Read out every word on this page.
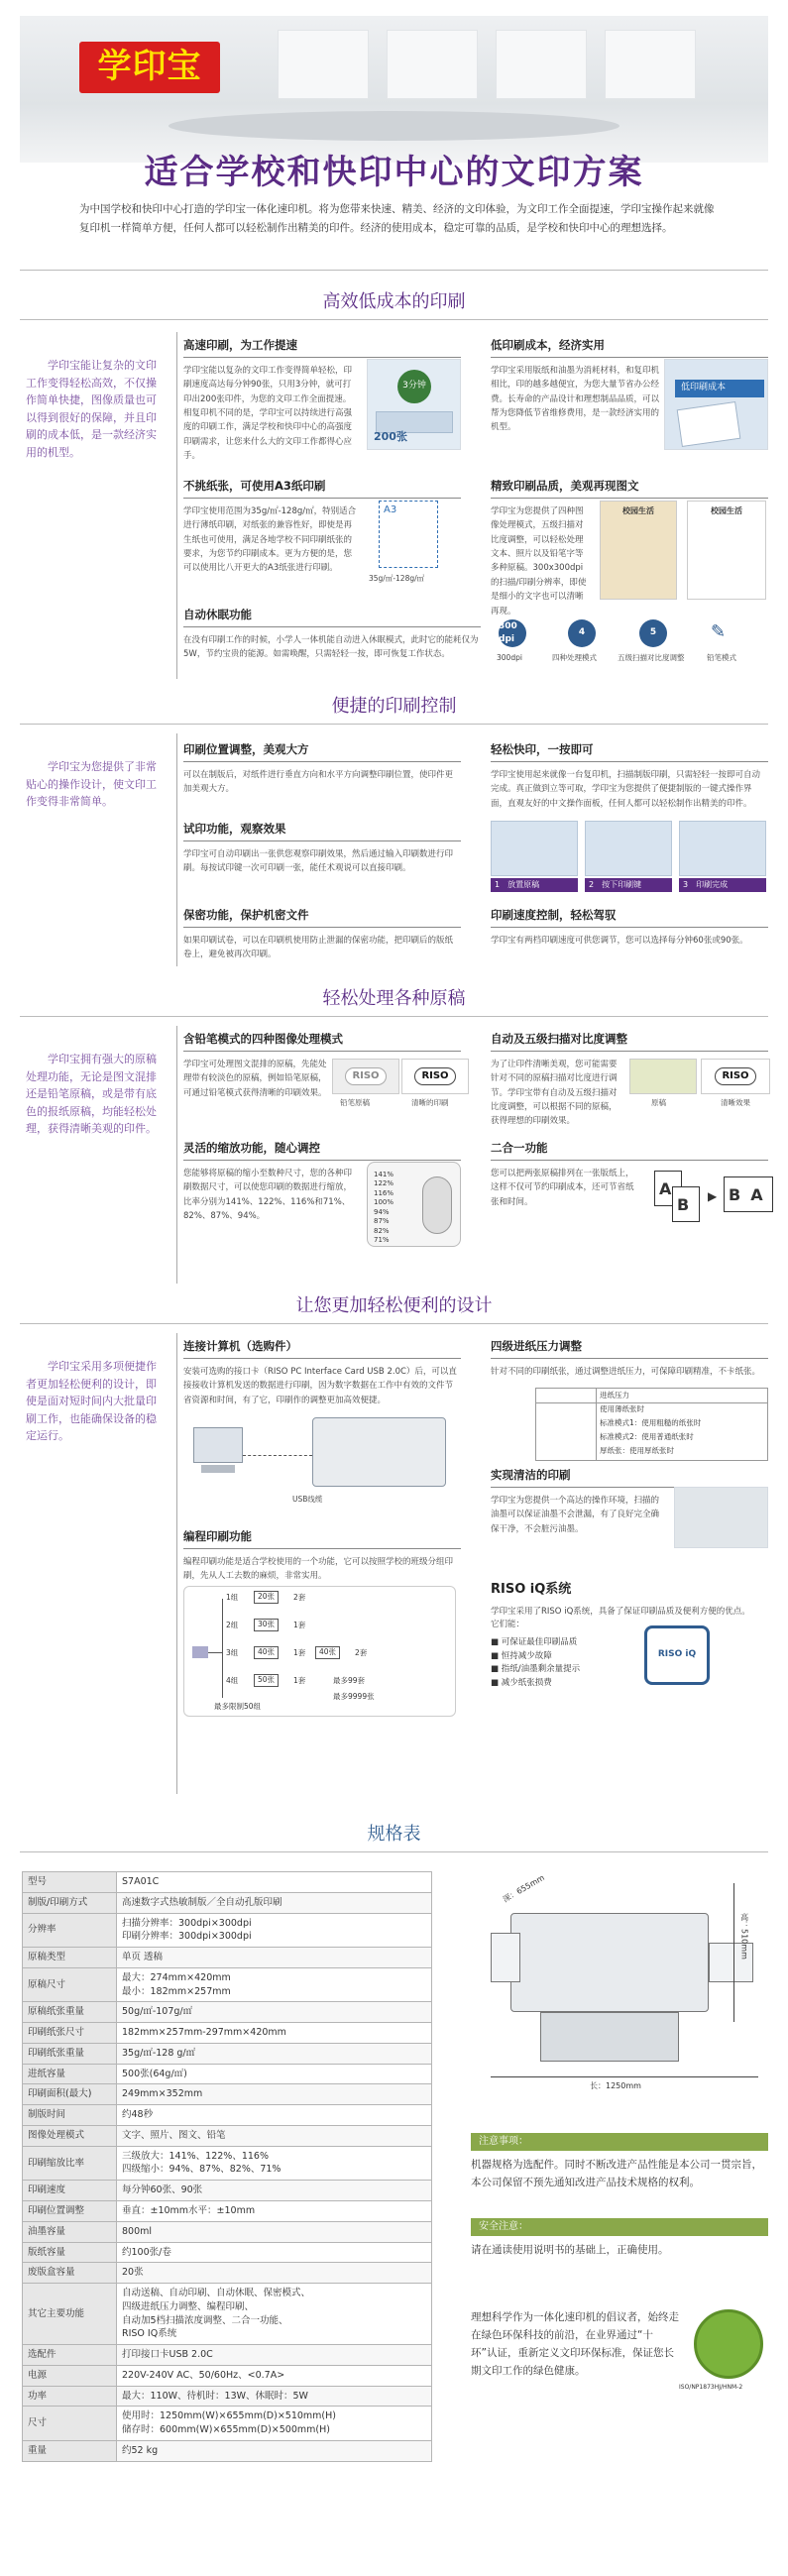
学印宝
适合学校和快印中心的文印方案
为中国学校和快印中心打造的学印宝一体化速印机。将为您带来快速、精美、经济的文印体验，为文印工作全面提速，学印宝操作起来就像复印机一样简单方便，任何人都可以轻松制作出精美的印件。经济的使用成本，稳定可靠的品质，是学校和快印中心的理想选择。
高效低成本的印刷
学印宝能让复杂的文印工作变得轻松高效，不仅操作简单快捷，图像质量也可以得到很好的保障，并且印刷的成本低，是一款经济实用的机型。
高速印刷，为工作提速

学印宝能以复杂的文印工作变得简单轻松，印刷速度高达每分钟90张，只用3分钟，就可打印出200张印件，为您的文印工作全面提速。相复印机不同的是，学印宝可以持续进行高强度的印刷工作，满足学校和快印中心的高强度印刷需求，让您来什么大的文印工作都得心应手。

3分钟
200张
低印刷成本，经济实用

学印宝采用版纸和油墨为消耗材料，和复印机相比，印的越多越便宜，为您大量节省办公经费。长寿命的产品设计和理想制品品质，可以帮为您降低节省维修费用，是一款经济实用的机型。

低印刷成本
不挑纸张，可使用A3纸印刷

学印宝使用范围为35g/㎡-128g/㎡，特别适合进行薄纸印刷，对纸张的兼容性好，即使是再生纸也可使用，满足各地学校不同印刷纸张的要求，为您节约印刷成本。更为方便的是，您可以使用比八开更大的A3纸张进行印刷。

A3
35g/㎡-128g/㎡
精致印刷品质，美观再现图文

学印宝为您提供了四种图像处理模式，五级扫描对比度调整，可以轻松处理文本、照片以及铅笔字等多种原稿。300x300dpi的扫描/印刷分辨率，即使是细小的文字也可以清晰再现。

校园生活	校园生活
自动休眠功能

在没有印刷工作的时候，小学人一体机能自动进入休眠模式，此时它的能耗仅为5W，节约宝贵的能源。如需唤醒，只需轻轻一按，即可恢复工作状态。

300 dpi
4	5	✎
300dpi	四种处理模式	五级扫描对比度调整	铅笔模式
便捷的印刷控制
学印宝为您提供了非常贴心的操作设计，使文印工作变得非常简单。
印刷位置调整，美观大方

可以在制版后，对纸件进行垂直方向和水平方向调整印刷位置，使印件更加美观大方。

轻松快印，一按即可

学印宝使用起来就像一台复印机，扫描制版印刷，只需轻轻一按即可自动完成。真正做到立等可取，学印宝为您提供了便捷制版的一键式操作界面，直观友好的中文操作面板，任何人都可以轻松制作出精美的印件。

试印功能，观察效果

学印宝可自动印刷出一张供您观察印刷效果，然后通过输入印刷数进行印刷。每按试印键一次可印刷一张，能任术观说可以直接印刷。

1　 放置原稿	2　 按下印刷键	3　 印刷完成
保密功能，保护机密文件

如果印刷试卷，可以在印刷机使用防止泄漏的保密功能，把印刷后的版纸卷上，避免被再次印刷。

印刷速度控制，轻松驾驭

学印宝有两档印刷速度可供您调节，您可以选择每分钟60张或90张。

轻松处理各种原稿
学印宝拥有强大的原稿处理功能，无论是图文混排还是铅笔原稿，或是带有底色的报纸原稿，均能轻松处理，获得清晰美观的印件。
含铅笔模式的四种图像处理模式

学印宝可处理图文混排的原稿，先能处理带有较淡色的原稿，例如铅笔原稿，可通过铅笔模式获得清晰的印刷效果。

RISO	RISO
铅笔原稿	清晰的印刷
自动及五级扫描对比度调整

为了让印件清晰美观，您可能需要针对不同的原稿扫描对比度进行调节。学印宝带有自动及五级扫描对比度调整，可以根据不同的原稿，获得理想的印刷效果。

RISO
原稿	清晰效果
灵活的缩放功能，随心调控

您能够将原稿的缩小至数种尺寸，您的各种印刷数据尺寸，可以使您印刷的数据进行缩放，比率分别为141%、122%、116%和71%、82%、87%、94%。

141%
122%
116%
100%
94%
87%
82%
71%
二合一功能

您可以把两张原稿排列在一张版纸上，这样不仅可节约印刷成本，还可节省纸张和时间。

A
B	▶ BA
让您更加轻松便利的设计
学印宝采用多项便捷作者更加轻松便利的设计，即使是面对短时间内大批量印刷工作，也能确保设备的稳定运行。
连接计算机（选购件）

安装可选购的接口卡（RISO PC Interface Card USB 2.0C）后，可以直接接收计算机发送的数据进行印刷，因为数字数据在工作中有效的文件节省资源和时间，有了它，印刷作的调整更加高效便捷。

USB线缆
四级进纸压力调整

针对不同的印刷纸张，通过调整进纸压力，可保障印刷精准，不卡纸张。

进纸压力
使用薄纸张时
标准模式1：使用粗糙的纸张时
标准模式2：使用普通纸张时
厚纸张：使用厚纸张时
实现清洁的印刷

学印宝为您提供一个高达的操作环境，扫描的油墨可以保证油墨不会泄漏，有了良好完全确保干净，不会脏污油墨。

编程印刷功能

编程印刷功能是适合学校使用的一个功能，它可以按照学校的班级分组印刷，先从人工去数的麻烦，非常实用。

1组	20张	2套
2组	30张	1套
3组	40张	1套	40张	2套
4组	50张	1套	最多99套
最多9999张
最多限制50组
RISO iQ系统

学印宝采用了RISO iQ系统，具备了保证印刷品质及便利方便的优点。它们能：

■ 可保证最佳印刷品质
■ 恒持减少故障
■ 指纸/油墨剩余量提示
■ 减少纸张损费
RISO iQ
规格表
型号	S7A01C

制版/印刷方式	高速数字式热敏制版／全自动孔版印刷

分辨率	扫描分辨率：300dpi×300dpi
印刷分辨率：300dpi×300dpi

原稿类型	单页 透稿

原稿尺寸	最大：274mm×420mm
最小：182mm×257mm

原稿纸张重量	50g/㎡-107g/㎡

印刷纸张尺寸	182mm×257mm-297mm×420mm

印刷纸张重量	35g/㎡-128 g/㎡

进纸容量	500张(64g/㎡)

印刷面积(最大)	249mm×352mm

制版时间	约48秒

图像处理模式	文字、照片、图文、铅笔

印刷缩放比率	三级放大：141%、122%、116%
四级缩小：94%、87%、82%、71%

印刷速度	每分钟60张、90张

印刷位置调整	垂直：±10mm水平：±10mm

油墨容量	800ml

版纸容量	约100张/卷

废版盒容量	20张

其它主要功能	自动送稿、自动印刷、自动休眠、保密模式、
四级进纸压力调整、编程印刷、
自动加5档扫描浓度调整、二合一功能、
RISO IQ系统

选配件	打印接口卡USB 2.0C

电源	220V-240V AC、50/60Hz、<0.7A>

功率	最大：110W、待机时：13W、休眠时：5W

尺寸	使用时：1250mm(W)×655mm(D)×510mm(H)
储存时：600mm(W)×655mm(D)×500mm(H)

重量	约52 kg
深：655mm
高：510mm
长：1250mm
注意事项：
机器规格为选配件。同时不断改进产品性能是本公司一贯宗旨，本公司保留不预先通知改进产品技术规格的权利。
安全注意：
请在通读使用说明书的基础上，正确使用。
理想科学作为一体化速印机的倡议者，始终走在绿色环保科技的前沿，在业界通过“十环”认证，重新定义文印环保标准，保证您长期文印工作的绿色健康。
ISO/NP1873HJ/HNM-2
